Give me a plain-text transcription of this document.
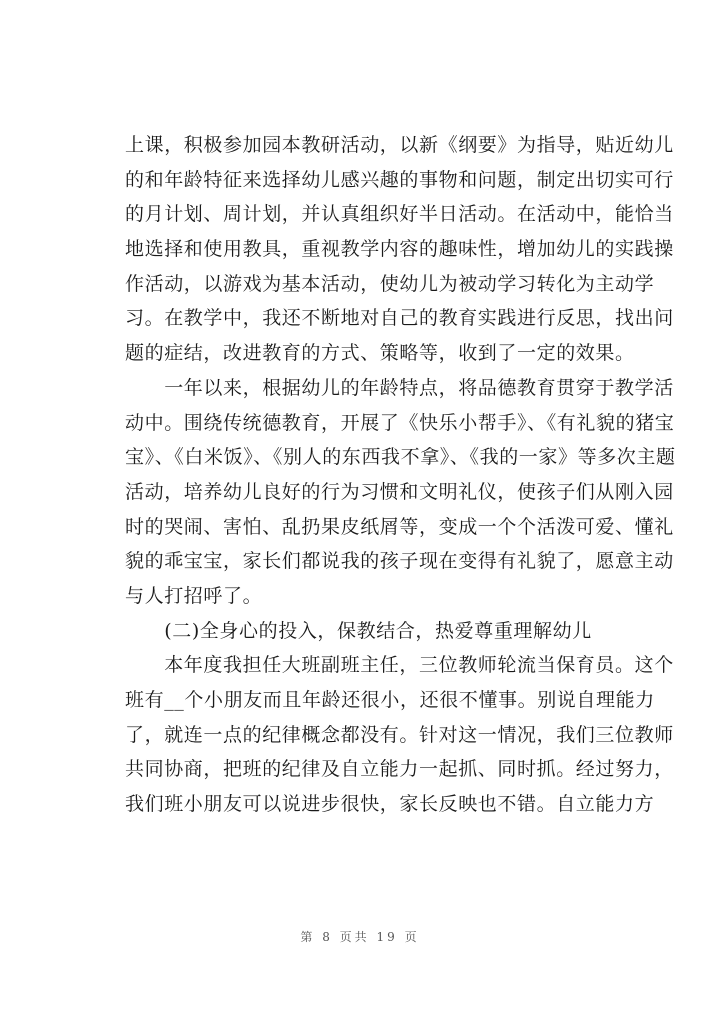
上课，积极参加园本教研活动，以新《纲要》为指导，贴近幼儿
的和年龄特征来选择幼儿感兴趣的事物和问题，制定出切实可行
的月计划、周计划，并认真组织好半日活动。在活动中，能恰当
地选择和使用教具，重视教学内容的趣味性，增加幼儿的实践操
作活动，以游戏为基本活动，使幼儿为被动学习转化为主动学
习。在教学中，我还不断地对自己的教育实践进行反思，找出问
题的症结，改进教育的方式、策略等，收到了一定的效果。
　　一年以来，根据幼儿的年龄特点，将品德教育贯穿于教学活
动中。围绕传统德教育，开展了《快乐小帮手》、《有礼貌的猪宝
宝》、《白米饭》、《别人的东西我不拿》、《我的一家》等多次主题
活动，培养幼儿良好的行为习惯和文明礼仪，使孩子们从刚入园
时的哭闹、害怕、乱扔果皮纸屑等，变成一个个活泼可爱、懂礼
貌的乖宝宝，家长们都说我的孩子现在变得有礼貌了，愿意主动
与人打招呼了。
　　(二)全身心的投入，保教结合，热爱尊重理解幼儿
　　本年度我担任大班副班主任，三位教师轮流当保育员。这个
班有__个小朋友而且年龄还很小，还很不懂事。别说自理能力
了，就连一点的纪律概念都没有。针对这一情况，我们三位教师
共同协商，把班的纪律及自立能力一起抓、同时抓。经过努力，
我们班小朋友可以说进步很快，家长反映也不错。自立能力方
第 8 页共 19 页
